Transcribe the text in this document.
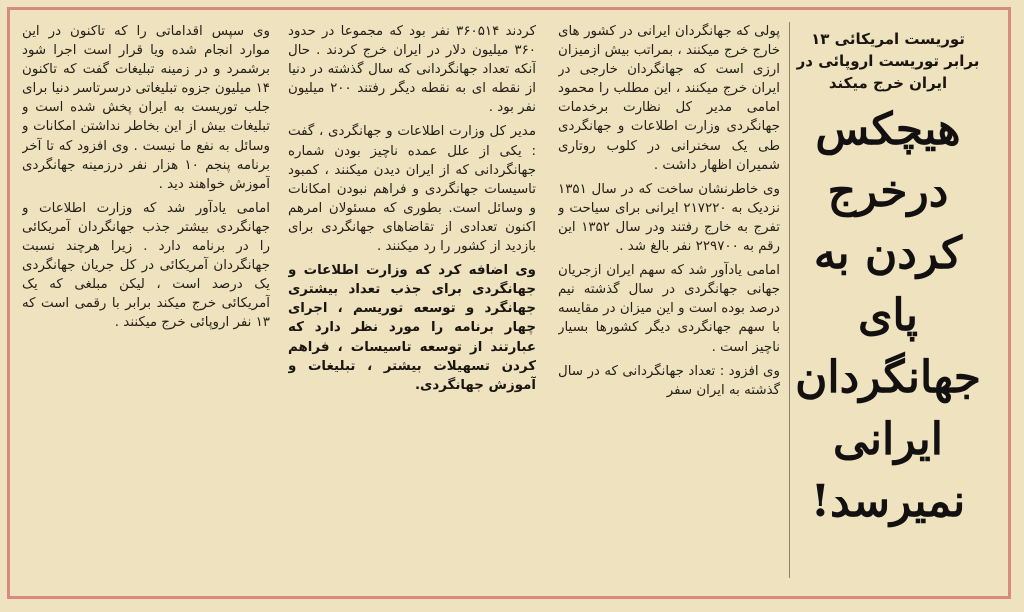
توریست امریکائی ۱۳ برابر توریست اروپائی در ایران خرج میکند

هیچکس درخرج کردن به پای جهانگردان ایرانی نمیرسد!

پولی که جهانگردان ایرانی در کشور های خارج خرج میکنند ، بمراتب بیش ازمیزان ارزی است که جهانگردان خارجی در ایران خرج میکنند ، این مطلب را محمود امامی مدیر کل نظارت برخدمات جهانگردی وزارت اطلاعات و جهانگردی طی یک سخنرانی در کلوب روتاری شمیران اظهار داشت .

وی خاطرنشان ساخت که در سال ۱۳۵۱ نزدیک به ۲۱۷۲۲۰ ایرانی برای سیاحت و تفرج به خارج رفتند ودر سال ۱۳۵۲ این رقم به ۲۲۹۷۰۰ نفر بالغ شد .

امامی یادآور شد که سهم ایران ازجریان جهانی جهانگردی در سال گذشته نیم درصد بوده است و این میزان در مقایسه با سهم جهانگردی دیگر کشورها بسیار ناچیز است .

وی افزود : تعداد جهانگردانی که در سال گذشته به ایران سفر

کردند ۳۶۰۵۱۴ نفر بود که مجموعا در حدود ۳۶۰ میلیون دلار در ایران خرج کردند . حال آنکه تعداد جهانگردانی که سال گذشته در دنیا از نقطه ای به نقطه دیگر رفتند ۲۰۰ میلیون نفر بود .

مدیر کل وزارت اطلاعات و جهانگردی ، گفت : یکی از علل عمده ناچیز بودن شماره جهانگردانی که از ایران دیدن میکنند ، کمبود تاسیسات جهانگردی و فراهم نبودن امکانات و وسائل است. بطوری که مسئولان امرهم اکنون تعدادی از تقاضاهای جهانگردی برای بازدید از کشور را رد میکنند .

وی اضافه کرد که وزارت اطلاعات و جهانگردی برای جذب تعداد بیشتری جهانگرد و توسعه توریسم ، اجرای چهار برنامه را مورد نظر دارد که عبارتند از توسعه تاسیسات ، فراهم کردن تسهیلات بیشتر ، تبلیغات و آموزش جهانگردی.

وی سپس اقداماتی را که تاکنون در این موارد انجام شده ویا قرار است اجرا شود برشمرد و در زمینه تبلیغات گفت که تاکنون ۱۴ میلیون جزوه تبلیغاتی درسرتاسر دنیا برای جلب توریست به ایران پخش شده است و تبلیغات بیش از این بخاطر نداشتن امکانات و وسائل به نفع ما نیست . وی افزود که تا آخر برنامه پنجم ۱۰ هزار نفر درزمینه جهانگردی آموزش خواهند دید .

امامی یادآور شد که وزارت اطلاعات و جهانگردی بیشتر جذب جهانگردان آمریکائی را در برنامه دارد . زیرا هرچند نسبت جهانگردان آمریکائی در کل جریان جهانگردی یک درصد است ، لیکن مبلغی که یک آمریکائی خرج میکند برابر با رقمی است که ۱۳ نفر اروپائی خرج میکنند .
